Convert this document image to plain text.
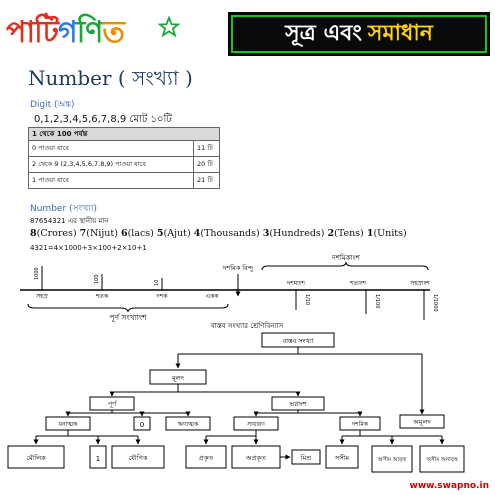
পাটিগণিত	সূত্র এবং সমাধান
Number ( সংখ্যা )
Digit (অঙ্ক)
0,1,2,3,4,5,6,7,8,9 মোট ১০টি
1 থেকে 100 পর্যন্ত	
0 পাওয়া যাবে	11 টি
2 থেকে 9 (2,3,4,5,6,7,8,9) পাওয়া যাবে	20 টি
1 পাওয়া যাবে	21 টি
Number (সংখ্যা)
87654321 এর স্থানীয় মান
8(Crores) 7(Nijut) 6(lacs) 5(Ajut) 4(Thousands) 3(Hundreds) 2(Tens) 1(Units)
4321=4×1000+3×100+2×10+1
1000	100	10
সহস্র	শতক	দশক	একক
দশমিক বিন্দু
পূর্ণ সংখ্যাংশ
দশমিকাংশ
দশমাংশ	শতাংশ	সহস্রাংশ
1/10	1/100	1/1000
বাস্তব সংখ্যার শ্রেণিবিন্যাস
বাস্তব সংখ্যা
মূলদ
পূর্ণ	ভগ্নাংশ
অমূলদ
ধনাত্মক	0	ঋণাত্মক	সাধারণ	দশমিক
মৌলিক	1	যৌগিক	প্রকৃত	অপ্রকৃত	মিশ্র	সসীম	অসীম আবৃত্ত	অসীম অনাবৃত্ত
www.swapno.in
